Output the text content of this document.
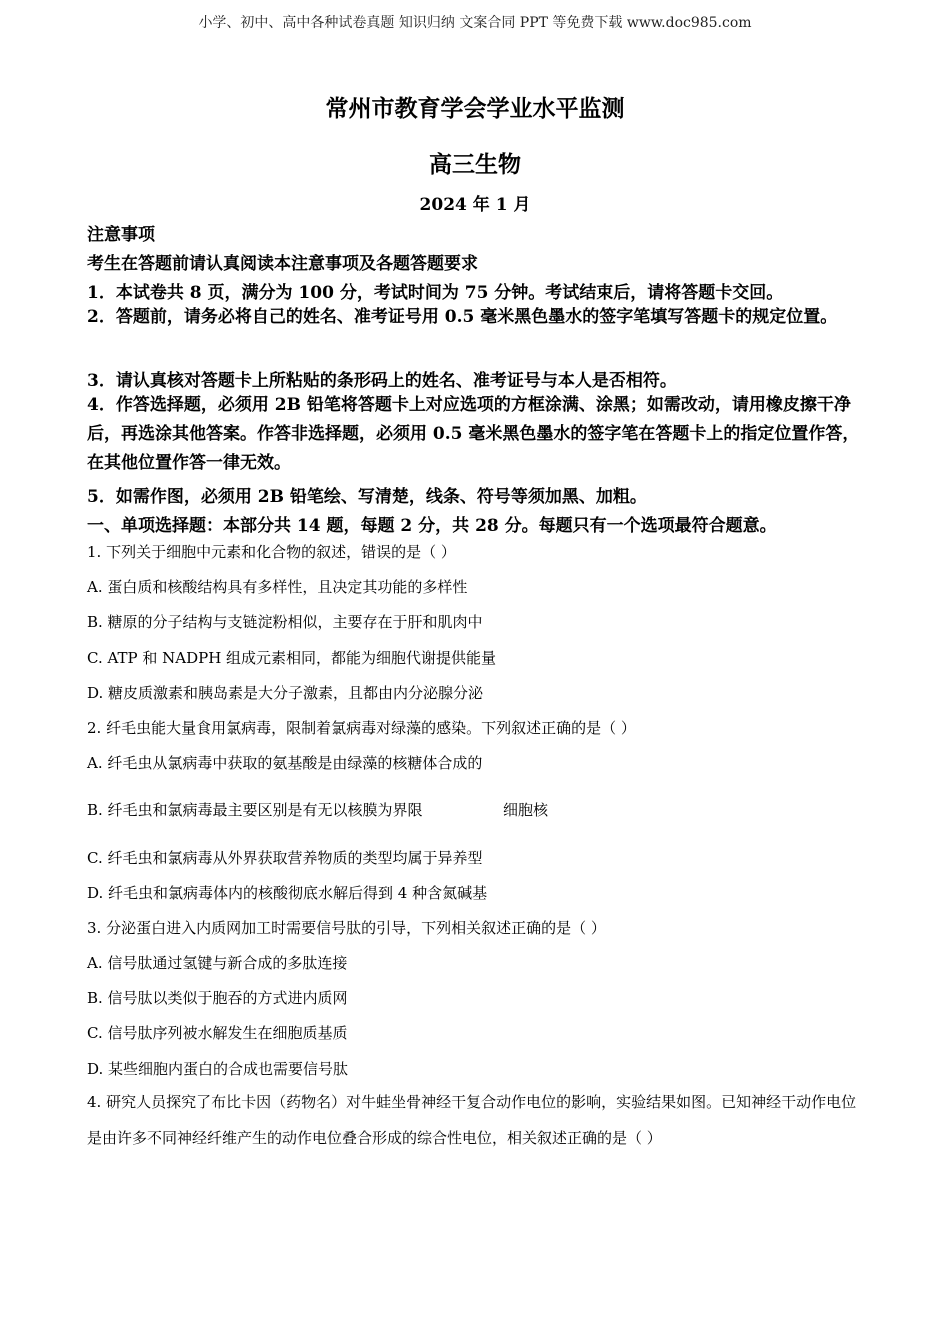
小学、初中、高中各种试卷真题 知识归纳 文案合同 PPT 等免费下载 www.doc985.com
常州市教育学会学业水平监测
高三生物
2024 年 1 月
注意事项
考生在答题前请认真阅读本注意事项及各题答题要求
1．本试卷共 8 页，满分为 100 分，考试时间为 75 分钟。考试结束后，请将答题卡交回。
2．答题前，请务必将自己的姓名、准考证号用 0.5 毫米黑色墨水的签字笔填写答题卡的规定位置。
3．请认真核对答题卡上所粘贴的条形码上的姓名、准考证号与本人是否相符。
4．作答选择题，必须用 2B 铅笔将答题卡上对应选项的方框涂满、涂黑；如需改动，请用橡皮擦干净后，再选涂其他答案。作答非选择题，必须用 0.5 毫米黑色墨水的签字笔在答题卡上的指定位置作答，在其他位置作答一律无效。
5．如需作图，必须用 2B 铅笔绘、写清楚，线条、符号等须加黑、加粗。
一、单项选择题：本部分共 14 题，每题 2 分，共 28 分。每题只有一个选项最符合题意。
1. 下列关于细胞中元素和化合物的叙述，错误的是（ ）
A. 蛋白质和核酸结构具有多样性，且决定其功能的多样性
B. 糖原的分子结构与支链淀粉相似，主要存在于肝和肌肉中
C. ATP 和 NADPH 组成元素相同，都能为细胞代谢提供能量
D. 糖皮质激素和胰岛素是大分子激素，且都由内分泌腺分泌
2. 纤毛虫能大量食用氯病毒，限制着氯病毒对绿藻的感染。下列叙述正确的是（ ）
A. 纤毛虫从氯病毒中获取的氨基酸是由绿藻的核糖体合成的
B. 纤毛虫和氯病毒最主要区别是有无以核膜为界限	细胞核
C. 纤毛虫和氯病毒从外界获取营养物质的类型均属于异养型
D. 纤毛虫和氯病毒体内的核酸彻底水解后得到 4 种含氮碱基
3. 分泌蛋白进入内质网加工时需要信号肽的引导，下列相关叙述正确的是（ ）
A. 信号肽通过氢键与新合成的多肽连接
B. 信号肽以类似于胞吞的方式进内质网
C. 信号肽序列被水解发生在细胞质基质
D. 某些细胞内蛋白的合成也需要信号肽
4. 研究人员探究了布比卡因（药物名）对牛蛙坐骨神经干复合动作电位的影响，实验结果如图。已知神经干动作电位是由许多不同神经纤维产生的动作电位叠合形成的综合性电位，相关叙述正确的是（ ）
